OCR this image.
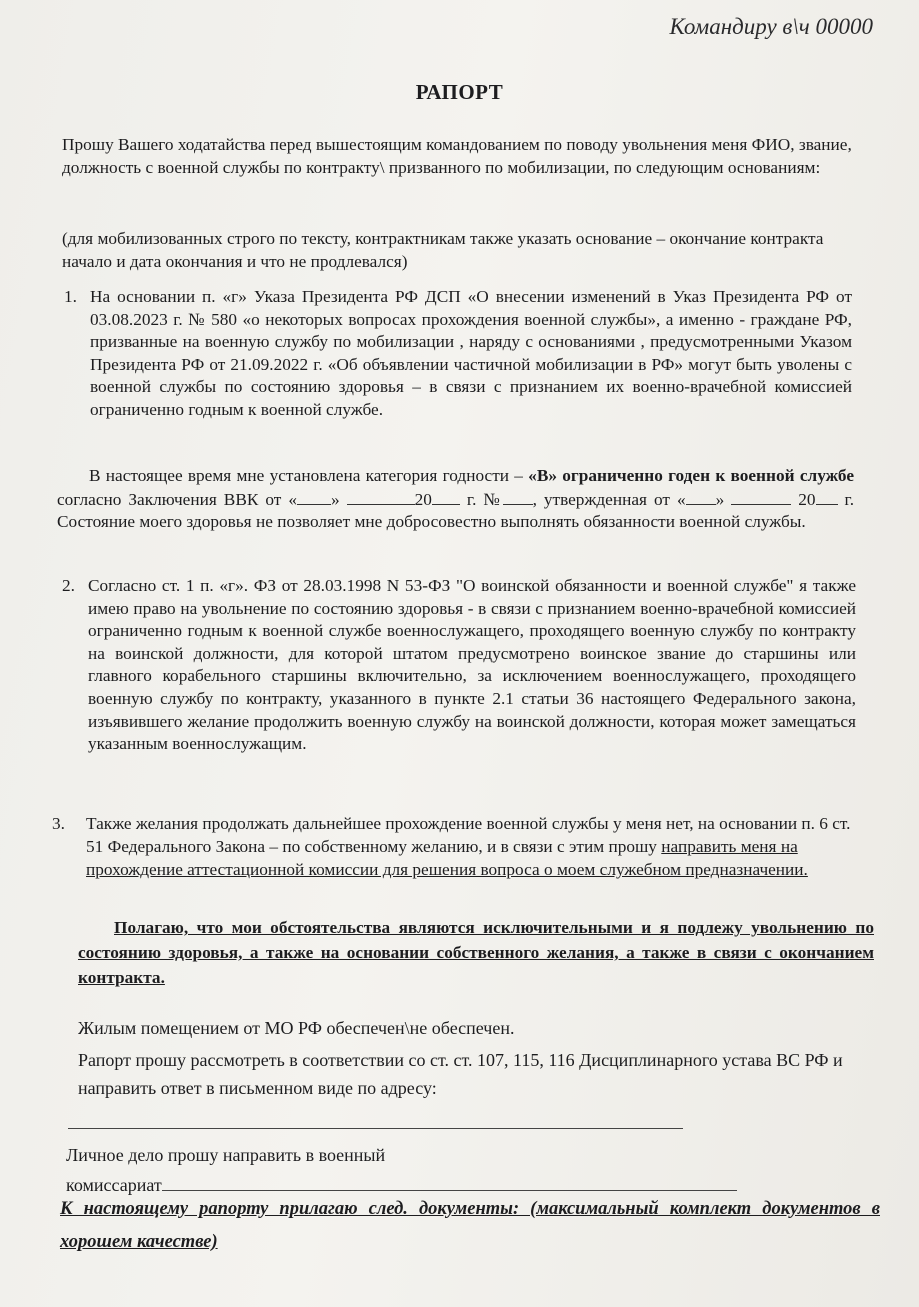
Командиру в\ч 00000
РАПОРТ
Прошу Вашего ходатайства перед вышестоящим командованием по поводу увольнения меня ФИО, звание, должность с военной службы по контракту\ призванного по мобилизации, по следующим основаниям:
(для мобилизованных строго по тексту, контрактникам также указать основание – окончание контракта начало и дата окончания и что не продлевался)
1. На основании п. «г» Указа Президента РФ ДСП «О внесении изменений в Указ Президента РФ от 03.08.2023 г. № 580 «о некоторых вопросах прохождения военной службы», а именно - граждане РФ, призванные на военную службу по мобилизации , наряду с основаниями , предусмотренными Указом Президента РФ от 21.09.2022 г. «Об объявлении частичной мобилизации в РФ» могут быть уволены с военной службы по состоянию здоровья – в связи с признанием их военно-врачебной комиссией ограниченно годным к военной службе.
В настоящее время мне установлена категория годности – «В» ограниченно годен к военной службе согласно Заключения ВВК от « »	20 г. № , утвержденная от « »	20 г. Состояние моего здоровья не позволяет мне добросовестно выполнять обязанности военной службы.
2. Согласно ст. 1 п. «г». ФЗ от 28.03.1998 N 53-ФЗ "О воинской обязанности и военной службе" я также имею право на увольнение по состоянию здоровья - в связи с признанием военно-врачебной комиссией ограниченно годным к военной службе военнослужащего, проходящего военную службу по контракту на воинской должности, для которой штатом предусмотрено воинское звание до старшины или главного корабельного старшины включительно, за исключением военнослужащего, проходящего военную службу по контракту, указанного в пункте 2.1 статьи 36 настоящего Федерального закона, изъявившего желание продолжить военную службу на воинской должности, которая может замещаться указанным военнослужащим.
3. Также желания продолжать дальнейшее прохождение военной службы у меня нет, на основании п. 6 ст. 51 Федерального Закона – по собственному желанию, и в связи с этим прошу направить меня на прохождение аттестационной комиссии для решения вопроса о моем служебном предназначении.
Полагаю, что мои обстоятельства являются исключительными и я подлежу увольнению по состоянию здоровья, а также на основании собственного желания, а также в связи с окончанием контракта.
Жилым помещением от МО РФ обеспечен\не обеспечен.
Рапорт прошу рассмотреть в соответствии со ст. ст. 107, 115, 116 Дисциплинарного устава ВС РФ и направить ответ в письменном виде по адресу:
Личное дело прошу направить в военный
комиссариат
К настоящему рапорту прилагаю след. документы: (максимальный комплект документов в хорошем качестве)
